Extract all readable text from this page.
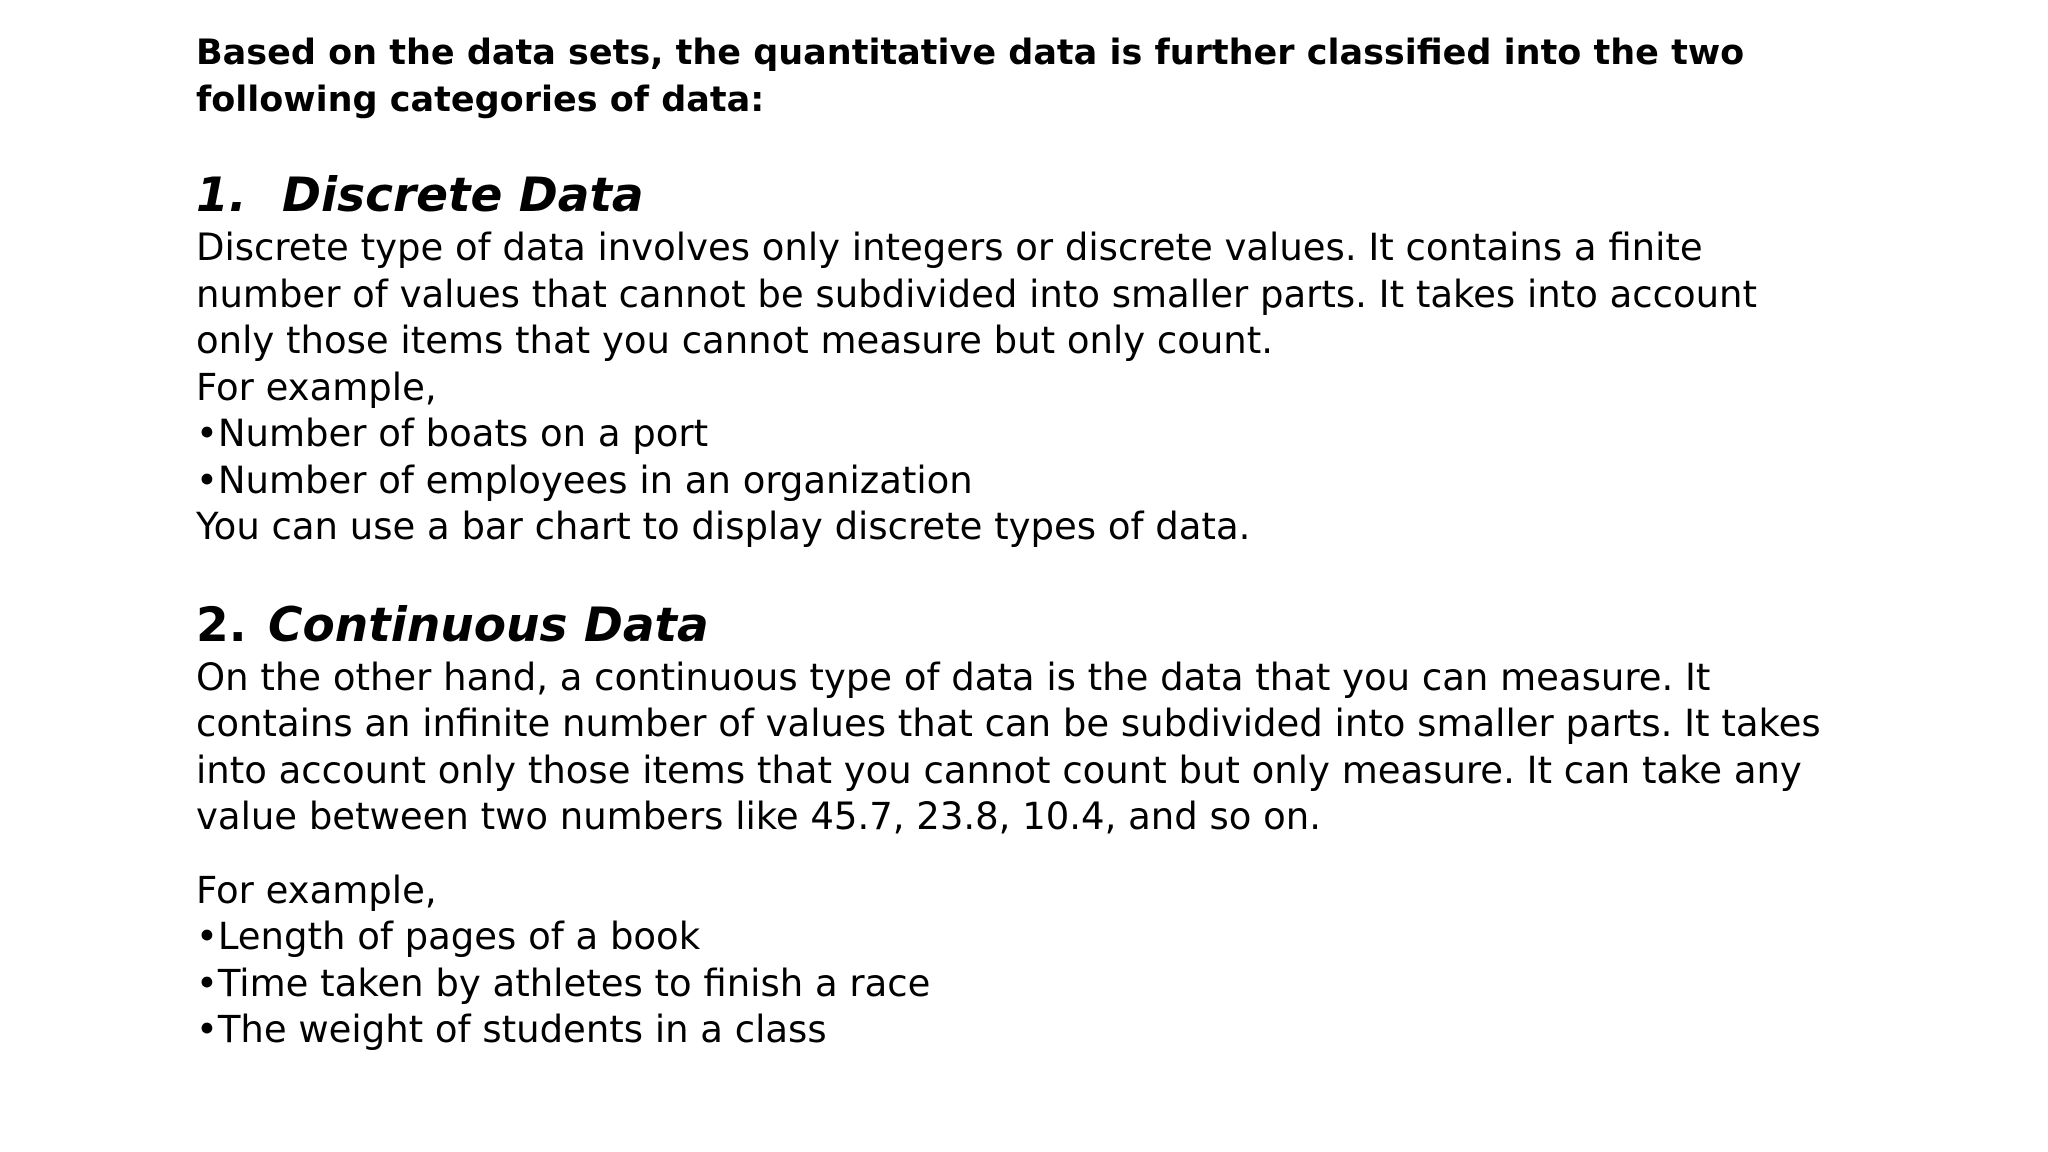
Based on the data sets, the quantitative data is further classified into the two
following categories of data:

1. Discrete Data
Discrete type of data involves only integers or discrete values. It contains a finite
number of values that cannot be subdivided into smaller parts. It takes into account
only those items that you cannot measure but only count.
For example,
•Number of boats on a port
•Number of employees in an organization
You can use a bar chart to display discrete types of data.
2. Continuous Data
On the other hand, a continuous type of data is the data that you can measure. It
contains an infinite number of values that can be subdivided into smaller parts. It takes
into account only those items that you cannot count but only measure. It can take any
value between two numbers like 45.7, 23.8, 10.4, and so on.
For example,
•Length of pages of a book
•Time taken by athletes to finish a race
•The weight of students in a class
